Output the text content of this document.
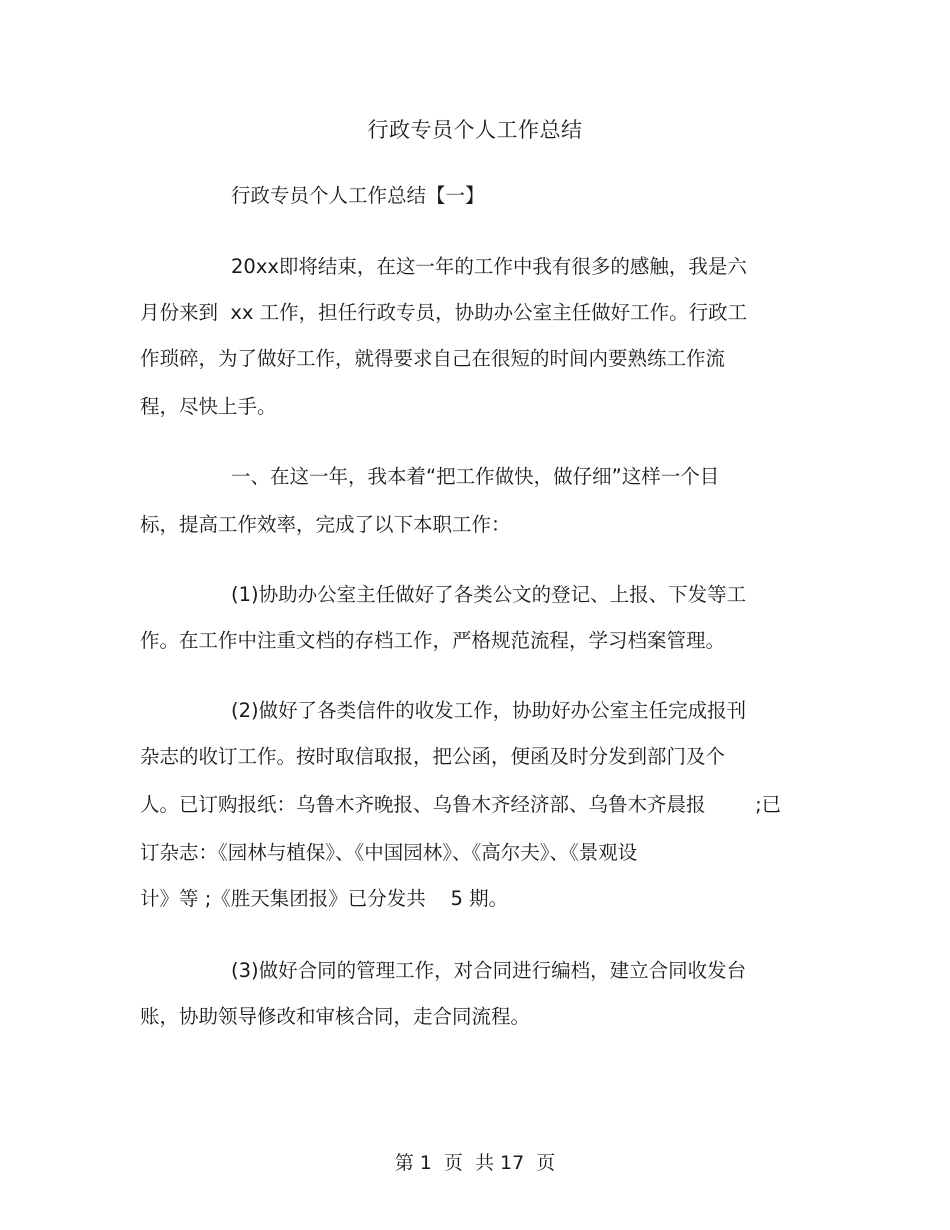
行政专员个人工作总结
行政专员个人工作总结【一】
20xx即将结束，在这一年的工作中我有很多的感触，我是六
月份来到  xx 工作，担任行政专员，协助办公室主任做好工作。行政工
作琐碎，为了做好工作，就得要求自己在很短的时间内要熟练工作流
程，尽快上手。
一、在这一年，我本着“把工作做快，做仔细”这样一个目
标，提高工作效率，完成了以下本职工作：
(1)协助办公室主任做好了各类公文的登记、上报、下发等工
作。在工作中注重文档的存档工作，严格规范流程，学习档案管理。
(2)做好了各类信件的收发工作，协助好办公室主任完成报刊
杂志的收订工作。按时取信取报，把公函，便函及时分发到部门及个
人。已订购报纸：乌鲁木齐晚报、乌鲁木齐经济部、乌鲁木齐晨报        ;已
订杂志：《园林与植保》、《中国园林》、《高尔夫》、《景观设
计》等 ;《胜天集团报》已分发共    5 期。
(3)做好合同的管理工作，对合同进行编档，建立合同收发台
账，协助领导修改和审核合同，走合同流程。
第 1  页  共 17  页
